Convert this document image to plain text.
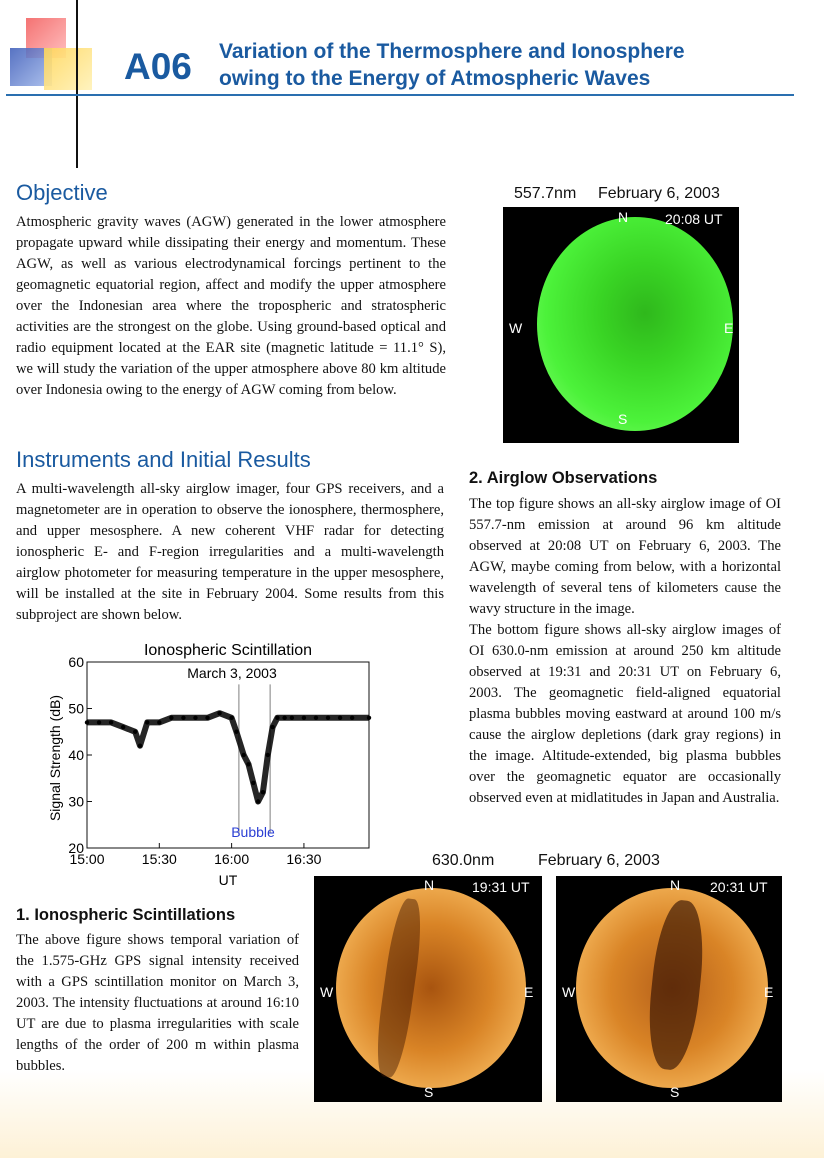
A06 Variation of the Thermosphere and Ionosphere
owing to the Energy of Atmospheric Waves
Objective

Atmospheric gravity waves (AGW) generated in the lower atmosphere propagate upward while dissipating their energy and momentum. These AGW, as well as various electrodynamical forcings pertinent to the geomagnetic equatorial region, affect and modify the upper atmosphere over the Indonesian area where the tropospheric and stratospheric activities are the strongest on the globe. Using ground-based optical and radio equipment located at the EAR site (magnetic latitude = 11.1° S), we will study the variation of the upper atmosphere above 80 km altitude over Indonesia owing to the energy of AGW coming from below.

Instruments and Initial Results

A multi-wavelength all-sky airglow imager, four GPS receivers, and a magnetometer are in operation to observe the ionosphere, thermosphere, and upper mesosphere. A new coherent VHF radar for detecting ionospheric E- and F-region irregularities and a multi-wavelength airglow photometer for measuring temperature in the upper mesosphere, will be installed at the site in February 2004. Some results from this subproject are shown below.

Ionospheric Scintillation
March 3, 2003
20
30
40
50
60
15:00	15:30	16:00	16:30
Signal Strength (dB)
UT
Bubble
1. Ionospheric Scintillations

The above figure shows temporal variation of the 1.575-GHz GPS signal intensity received with a GPS scintillation monitor on March 3, 2003. The intensity fluctuations at around 16:10 UT are due to plasma irregularities with scale lengths of the order of 200 m within plasma bubbles.

557.7nm February 6, 2003
N	20:08 UT
W	E
S
2. Airglow Observations

The top figure shows an all-sky airglow image of OI 557.7-nm emission at around 96 km altitude observed at 20:08 UT on February 6, 2003. The AGW, maybe coming from below, with a horizontal wavelength of several tens of kilometers cause the wavy structure in the image.

The bottom figure shows all-sky airglow images of OI 630.0-nm emission at around 250 km altitude observed at 19:31 and 20:31 UT on February 6, 2003. The geomagnetic field-aligned equatorial plasma bubbles moving eastward at around 100 m/s cause the airglow depletions (dark gray regions) in the image. Altitude-extended, big plasma bubbles over the geomagnetic equator are occasionally observed even at midlatitudes in Japan and Australia.

630.0nm	February 6, 2003
N	19:31 UT
W	E
S
N 20:31 UT
W	E
S
